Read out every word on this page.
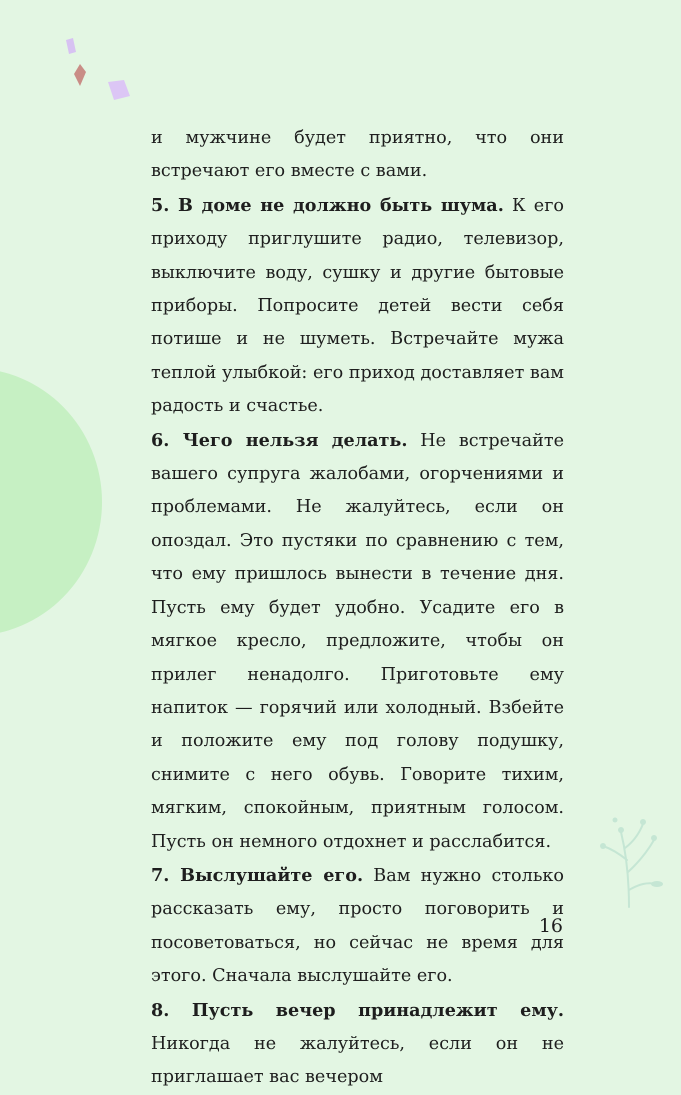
и мужчине будет приятно, что они встречают его вместе с вами.

5. В доме не должно быть шума. К его приходу приглушите радио, телевизор, выключите воду, сушку и другие бытовые приборы. Попросите детей вести себя потише и не шуметь. Встречайте мужа теплой улыбкой: его приход доставляет вам радость и счастье.

6. Чего нельзя делать. Не встречайте вашего супруга жалобами, огорчениями и проблемами. Не жалуйтесь, если он опоздал. Это пустяки по сравнению с тем, что ему пришлось вынести в течение дня. Пусть ему будет удобно. Усадите его в мягкое кресло, предложите, чтобы он прилег ненадолго. Приготовьте ему напиток — горячий или холодный. Взбейте и положите ему под голову подушку, снимите с него обувь. Говорите тихим, мягким, спокойным, приятным голосом. Пусть он немного отдохнет и расслабится.

7. Выслушайте его. Вам нужно столько рассказать ему, просто поговорить и посоветоваться, но сейчас не время для этого. Сначала выслушайте его.

8. Пусть вечер принадлежит ему. Никогда не жалуйтесь, если он не приглашает вас вечером

16
